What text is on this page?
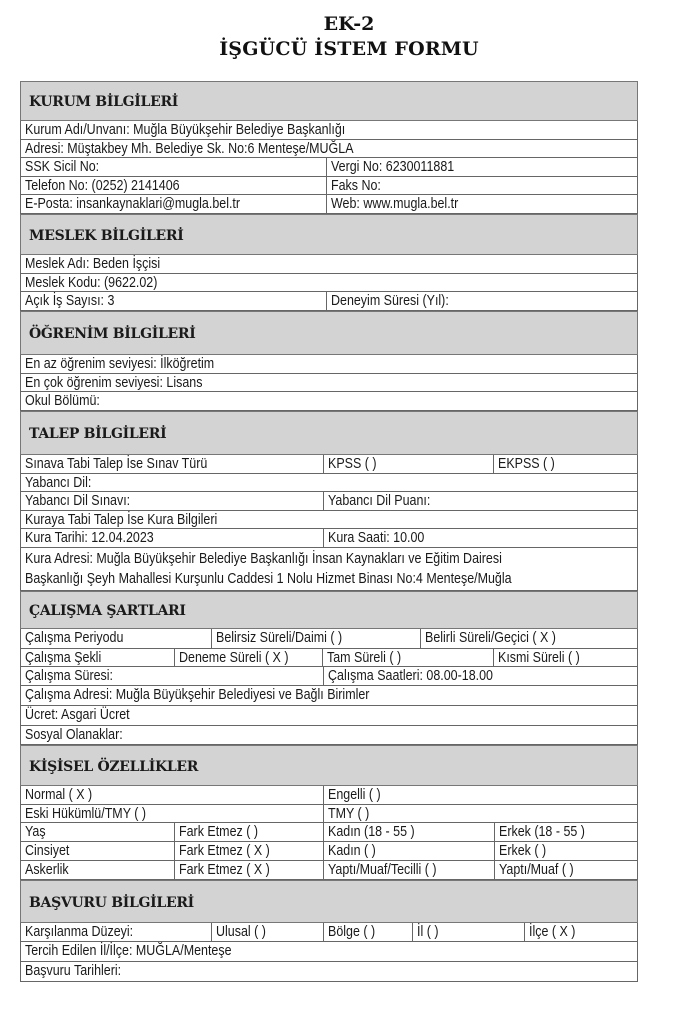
EK-2
İŞGÜCÜ İSTEM FORMU
KURUM BİLGİLERİ
Kurum Adı/Unvanı: Muğla Büyükşehir Belediye Başkanlığı
Adresi: Müştakbey Mh. Belediye Sk. No:6 Menteşe/MUĞLA
SSK Sicil No:	Vergi No: 6230011881
Telefon No: (0252) 2141406	Faks No:
E-Posta: insankaynaklari@mugla.bel.tr	Web: www.mugla.bel.tr
MESLEK BİLGİLERİ
Meslek Adı: Beden İşçisi
Meslek Kodu: (9622.02)
Açık İş Sayısı: 3	Deneyim Süresi (Yıl):
ÖĞRENİM BİLGİLERİ
En az öğrenim seviyesi: İlköğretim
En çok öğrenim seviyesi: Lisans
Okul Bölümü:
TALEP BİLGİLERİ
Sınava Tabi Talep İse Sınav Türü	KPSS ( )	EKPSS ( )
Yabancı Dil:
Yabancı Dil Sınavı:	Yabancı Dil Puanı:
Kuraya Tabi Talep İse Kura Bilgileri
Kura Tarihi: 12.04.2023	Kura Saati: 10.00
Kura Adresi: Muğla Büyükşehir Belediye Başkanlığı İnsan Kaynakları ve Eğitim Dairesi
Başkanlığı Şeyh Mahallesi Kurşunlu Caddesi 1 Nolu Hizmet Binası No:4 Menteşe/Muğla
ÇALIŞMA ŞARTLARI
Çalışma Periyodu	Belirsiz Süreli/Daimi ( )	Belirli Süreli/Geçici ( X )
Çalışma Şekli	Deneme Süreli ( X )	Tam Süreli ( )	Kısmi Süreli ( )
Çalışma Süresi:	Çalışma Saatleri: 08.00-18.00
Çalışma Adresi: Muğla Büyükşehir Belediyesi ve Bağlı Birimler
Ücret: Asgari Ücret
Sosyal Olanaklar:
KİŞİSEL ÖZELLİKLER
Normal ( X )	Engelli ( )
Eski Hükümlü/TMY ( )	TMY ( )
Yaş	Fark Etmez ( )	Kadın (18 - 55 )	Erkek (18 - 55 )
Cinsiyet	Fark Etmez ( X )	Kadın ( )	Erkek ( )
Askerlik	Fark Etmez ( X )	Yaptı/Muaf/Tecilli ( )	Yaptı/Muaf ( )
BAŞVURU BİLGİLERİ
Karşılanma Düzeyi:	Ulusal ( )	Bölge ( )	İl ( )	İlçe ( X )
Tercih Edilen İl/İlçe: MUĞLA/Menteşe
Başvuru Tarihleri:
